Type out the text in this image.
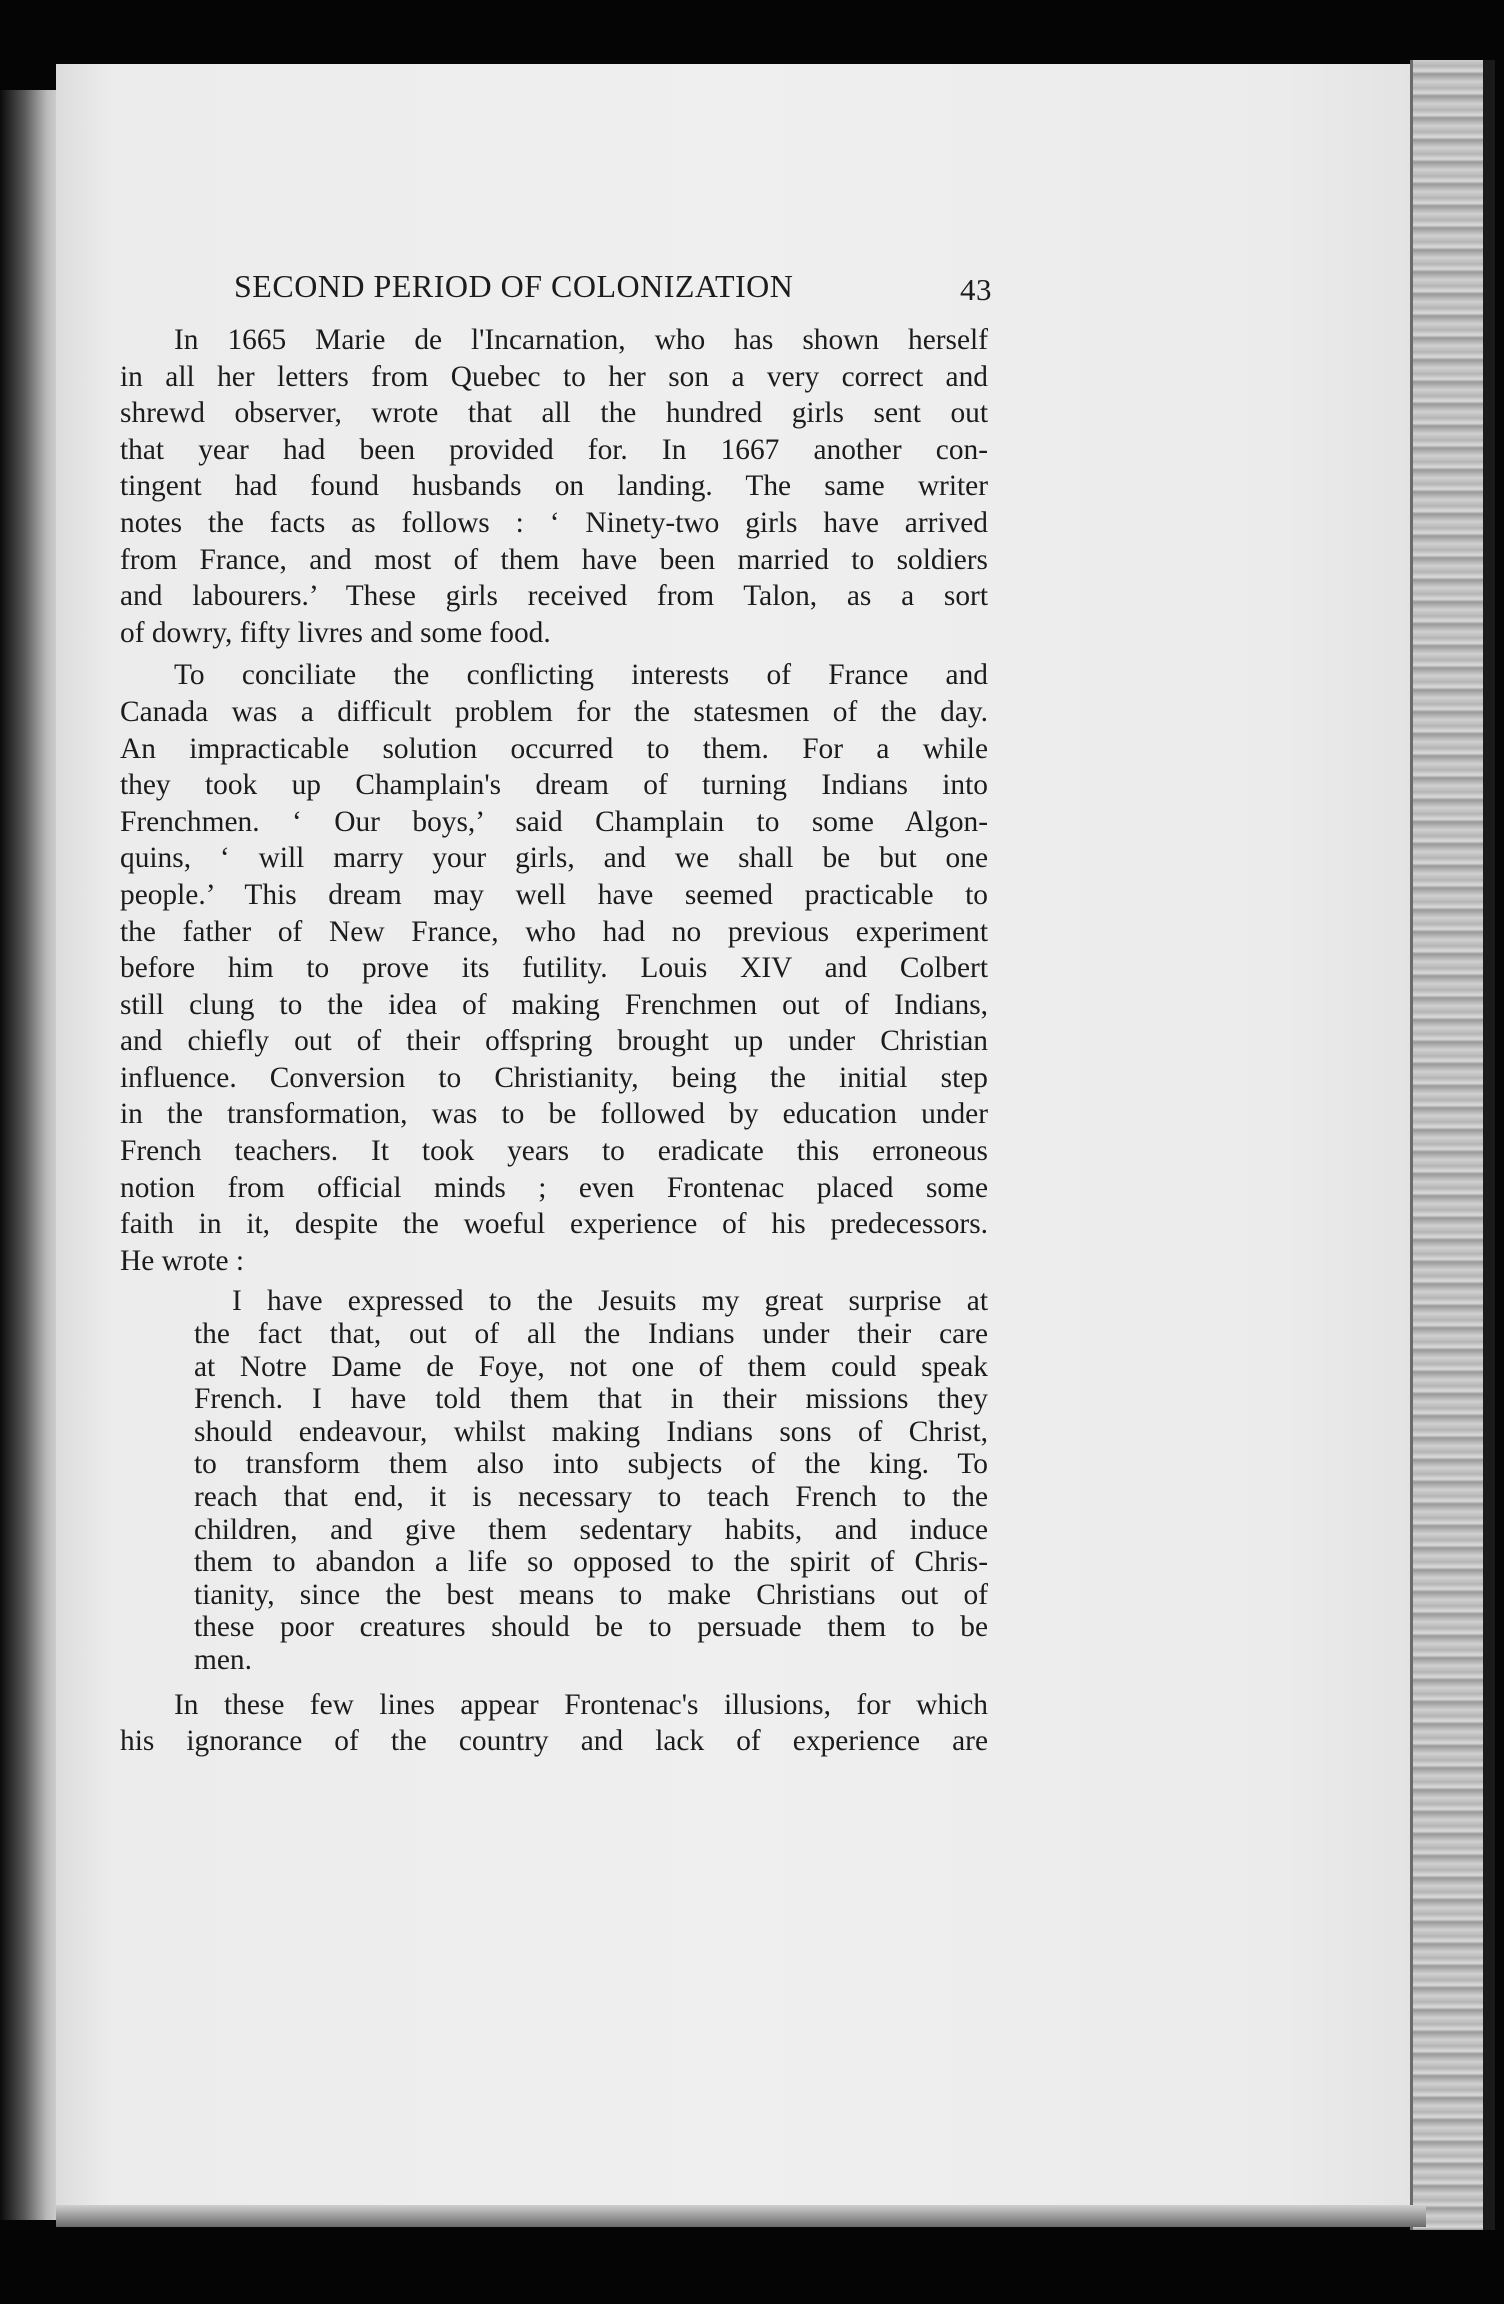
SECOND PERIOD OF COLONIZATION	43
In 1665 Marie de l'Incarnation, who has shown herself
in all her letters from Quebec to her son a very correct and
shrewd observer, wrote that all the hundred girls sent out
that year had been provided for. In 1667 another con-
tingent had found husbands on landing. The same writer
notes the facts as follows : ‘ Ninety-two girls have arrived
from France, and most of them have been married to soldiers
and labourers.’ These girls received from Talon, as a sort
of dowry, fifty livres and some food.
To conciliate the conflicting interests of France and
Canada was a difficult problem for the statesmen of the day.
An impracticable solution occurred to them. For a while
they took up Champlain's dream of turning Indians into
Frenchmen. ‘ Our boys,’ said Champlain to some Algon-
quins, ‘ will marry your girls, and we shall be but one
people.’ This dream may well have seemed practicable to
the father of New France, who had no previous experiment
before him to prove its futility. Louis XIV and Colbert
still clung to the idea of making Frenchmen out of Indians,
and chiefly out of their offspring brought up under Christian
influence. Conversion to Christianity, being the initial step
in the transformation, was to be followed by education under
French teachers. It took years to eradicate this erroneous
notion from official minds ; even Frontenac placed some
faith in it, despite the woeful experience of his predecessors.
He wrote :
I have expressed to the Jesuits my great surprise at
the fact that, out of all the Indians under their care
at Notre Dame de Foye, not one of them could speak
French. I have told them that in their missions they
should endeavour, whilst making Indians sons of Christ,
to transform them also into subjects of the king. To
reach that end, it is necessary to teach French to the
children, and give them sedentary habits, and induce
them to abandon a life so opposed to the spirit of Chris-
tianity, since the best means to make Christians out of
these poor creatures should be to persuade them to be
men.
In these few lines appear Frontenac's illusions, for which
his ignorance of the country and lack of experience are
